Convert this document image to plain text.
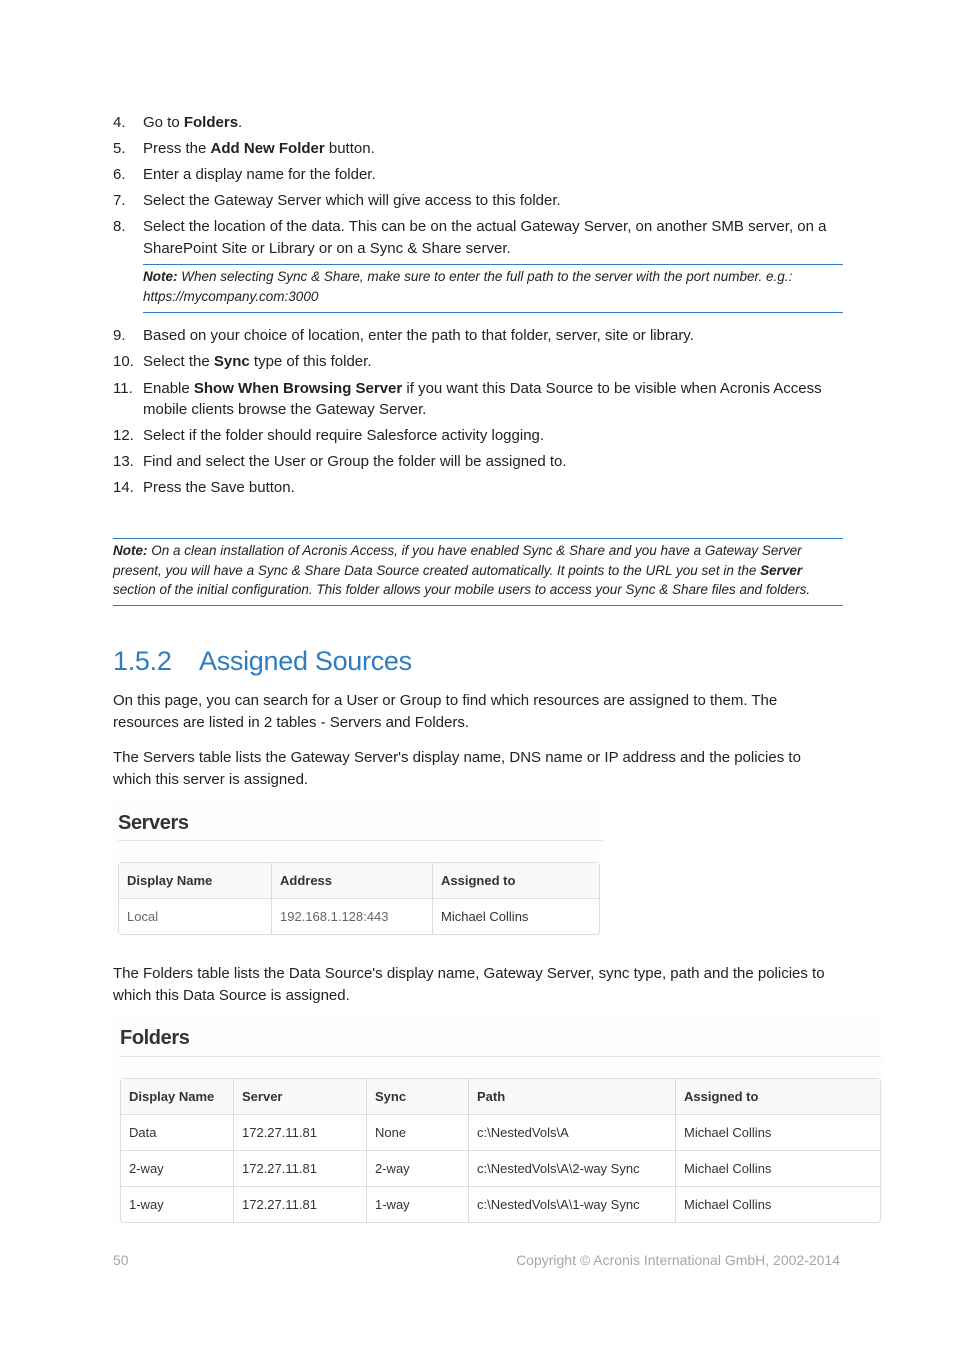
4. Go to Folders.
5. Press the Add New Folder button.
6. Enter a display name for the folder.
7. Select the Gateway Server which will give access to this folder.
8. Select the location of the data. This can be on the actual Gateway Server, on another SMB server, on a SharePoint Site or Library or on a Sync & Share server.
Note: When selecting Sync & Share, make sure to enter the full path to the server with the port number. e.g.: https://mycompany.com:3000
9. Based on your choice of location, enter the path to that folder, server, site or library.
10. Select the Sync type of this folder.
11. Enable Show When Browsing Server if you want this Data Source to be visible when Acronis Access mobile clients browse the Gateway Server.
12. Select if the folder should require Salesforce activity logging.
13. Find and select the User or Group the folder will be assigned to.
14. Press the Save button.
Note: On a clean installation of Acronis Access, if you have enabled Sync & Share and you have a Gateway Server present, you will have a Sync & Share Data Source created automatically. It points to the URL you set in the Server section of the initial configuration. This folder allows your mobile users to access your Sync & Share files and folders.
1.5.2 Assigned Sources

On this page, you can search for a User or Group to find which resources are assigned to them. The resources are listed in 2 tables - Servers and Folders.

The Servers table lists the Gateway Server's display name, DNS name or IP address and the policies to which this server is assigned.

Servers
Display Name	Address	Assigned to
Local	192.168.1.128:443	Michael Collins

The Folders table lists the Data Source's display name, Gateway Server, sync type, path and the policies to which this Data Source is assigned.

Folders
Display Name	Server	Sync	Path	Assigned to
Data	172.27.11.81	None	c:\NestedVols\A	Michael Collins
2-way	172.27.11.81	2-way	c:\NestedVols\A\2-way Sync	Michael Collins
1-way	172.27.11.81	1-way	c:\NestedVols\A\1-way Sync	Michael Collins
50	Copyright © Acronis International GmbH, 2002-2014
